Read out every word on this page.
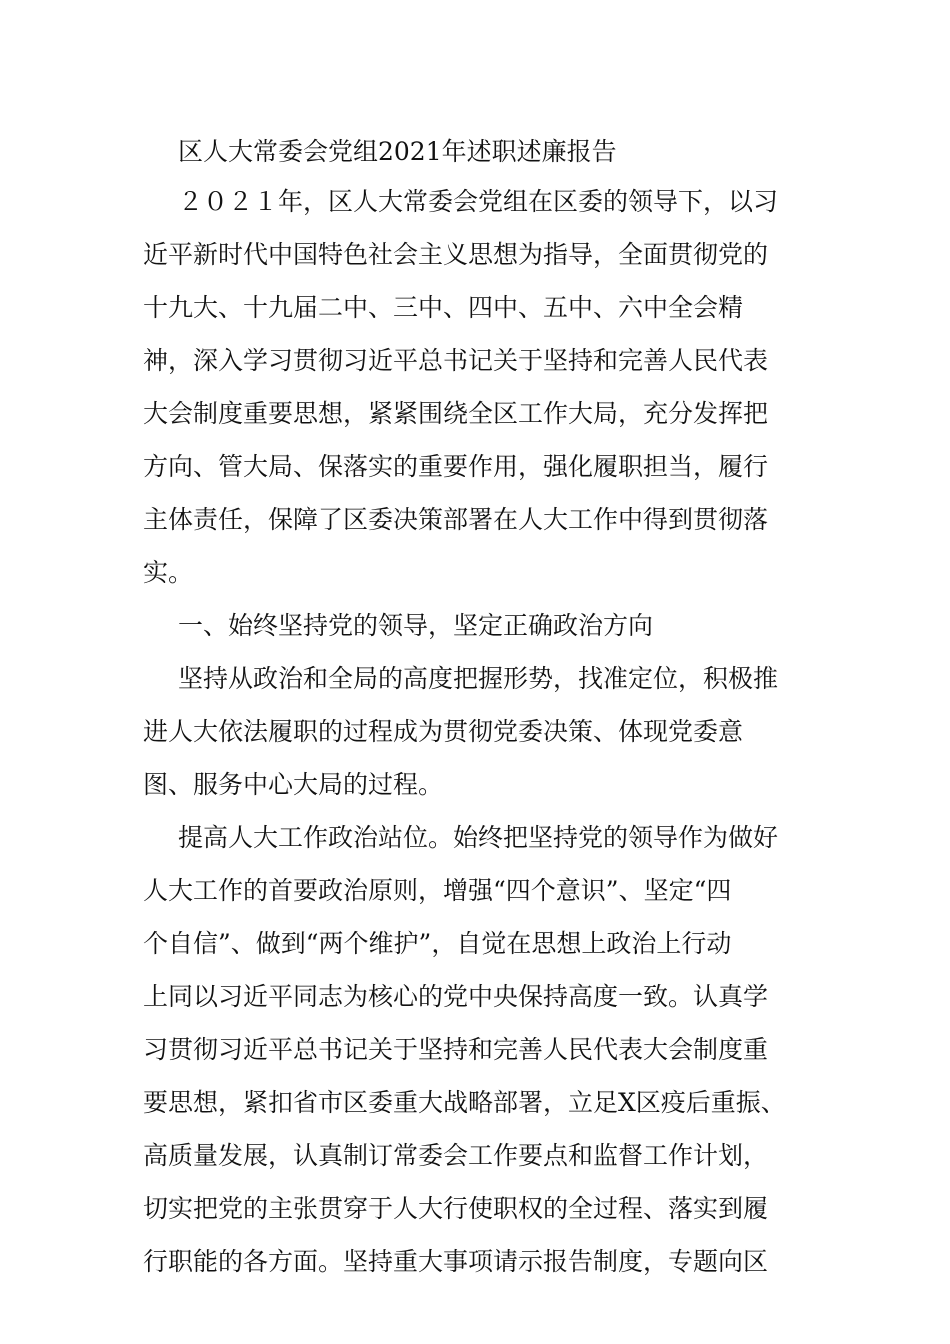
区人大常委会党组2021年述职述廉报告

２０２１年，区人大常委会党组在区委的领导下，以习
近平新时代中国特色社会主义思想为指导，全面贯彻党的
十九大、十九届二中、三中、四中、五中、六中全会精
神，深入学习贯彻习近平总书记关于坚持和完善人民代表
大会制度重要思想，紧紧围绕全区工作大局，充分发挥把
方向、管大局、保落实的重要作用，强化履职担当，履行
主体责任，保障了区委决策部署在人大工作中得到贯彻落
实。

一、始终坚持党的领导，坚定正确政治方向

坚持从政治和全局的高度把握形势，找准定位，积极推
进人大依法履职的过程成为贯彻党委决策、体现党委意
图、服务中心大局的过程。

提高人大工作政治站位。始终把坚持党的领导作为做好
人大工作的首要政治原则，增强“四个意识”、坚定“四
个自信”、做到“两个维护”，自觉在思想上政治上行动
上同以习近平同志为核心的党中央保持高度一致。认真学
习贯彻习近平总书记关于坚持和完善人民代表大会制度重
要思想，紧扣省市区委重大战略部署，立足X区疫后重振、
高质量发展，认真制订常委会工作要点和监督工作计划，
切实把党的主张贯穿于人大行使职权的全过程、落实到履
行职能的各方面。坚持重大事项请示报告制度，专题向区
